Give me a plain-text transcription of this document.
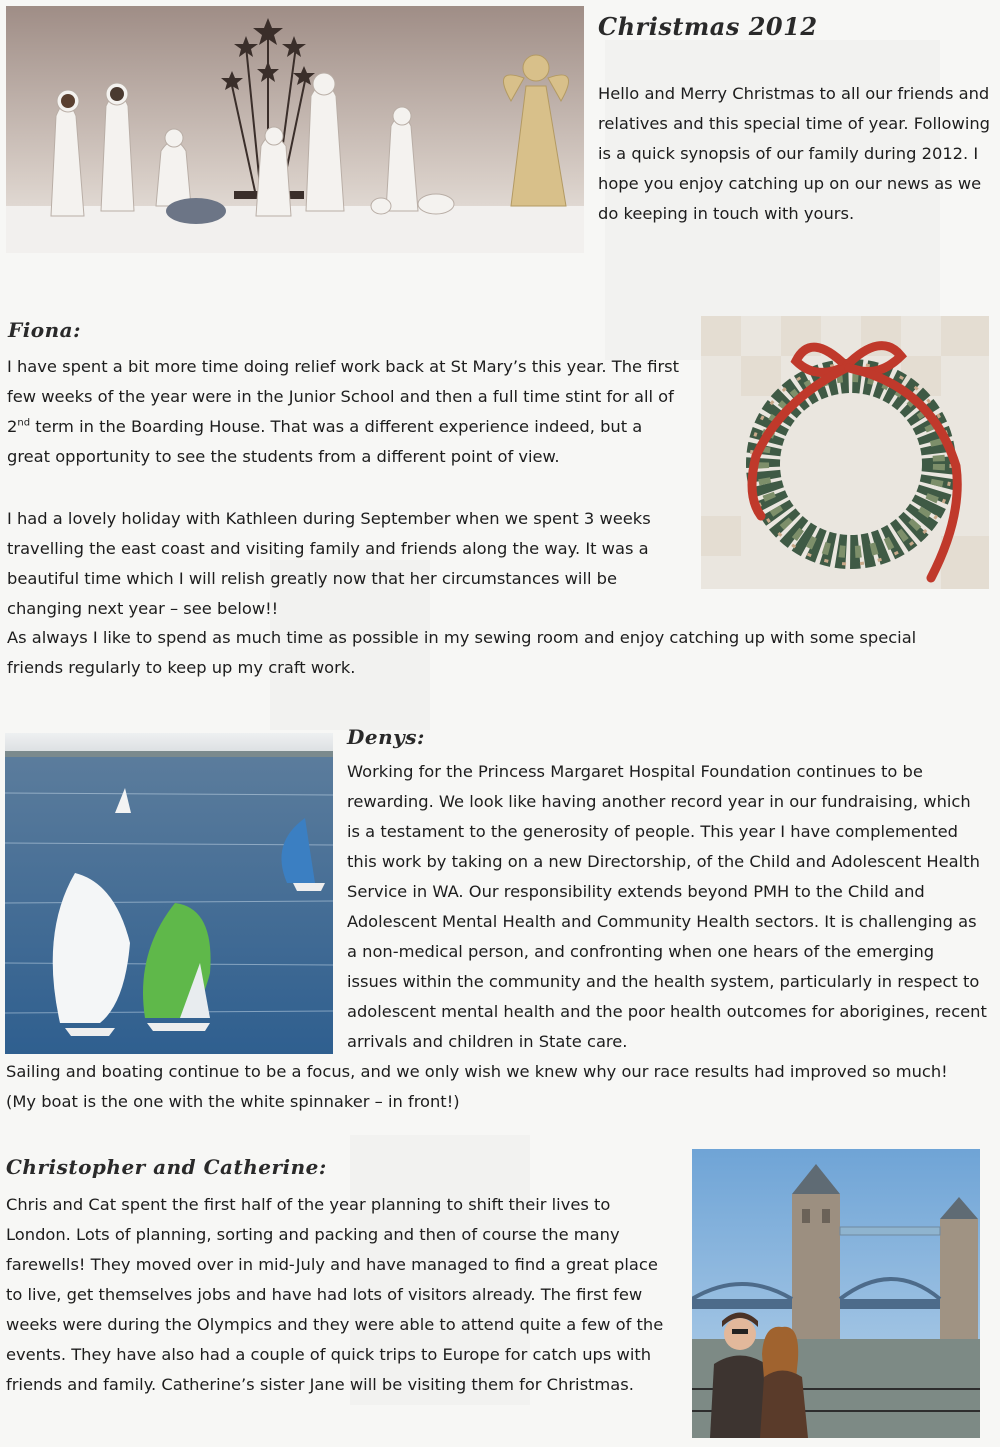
Christmas 2012

Hello and Merry Christmas to all our friends and relatives and this special time of year. Following is a quick synopsis of our family during 2012. I hope you enjoy catching up on our news as we do keeping in touch with yours.

Fiona:

I have spent a bit more time doing relief work back at St Mary’s this year. The first few weeks of the year were in the Junior School and then a full time stint for all of 2nd term in the Boarding House. That was a different experience indeed, but a great opportunity to see the students from a different point of view.

I had a lovely holiday with Kathleen during September when we spent 3 weeks travelling the east coast and visiting family and friends along the way. It was a beautiful time which I will relish greatly now that her circumstances will be changing next year – see below!!

As always I like to spend as much time as possible in my sewing room and enjoy catching up with some special friends regularly to keep up my craft work.

Denys:

Working for the Princess Margaret Hospital Foundation continues to be rewarding. We look like having another record year in our fundraising, which is a testament to the generosity of people. This year I have complemented this work by taking on a new Directorship, of the Child and Adolescent Health Service in WA. Our responsibility extends beyond PMH to the Child and Adolescent Mental Health and Community Health sectors. It is challenging as a non-medical person, and confronting when one hears of the emerging issues within the community and the health system, particularly in respect to adolescent mental health and the poor health outcomes for aborigines, recent arrivals and children in State care.

Sailing and boating continue to be a focus, and we only wish we knew why our race results had improved so much! (My boat is the one with the white spinnaker – in front!)

Christopher and Catherine:

Chris and Cat spent the first half of the year planning to shift their lives to London. Lots of planning, sorting and packing and then of course the many farewells! They moved over in mid-July and have managed to find a great place to live, get themselves jobs and have had lots of visitors already. The first few weeks were during the Olympics and they were able to attend quite a few of the events. They have also had a couple of quick trips to Europe for catch ups with friends and family. Catherine’s sister Jane will be visiting them for Christmas.
